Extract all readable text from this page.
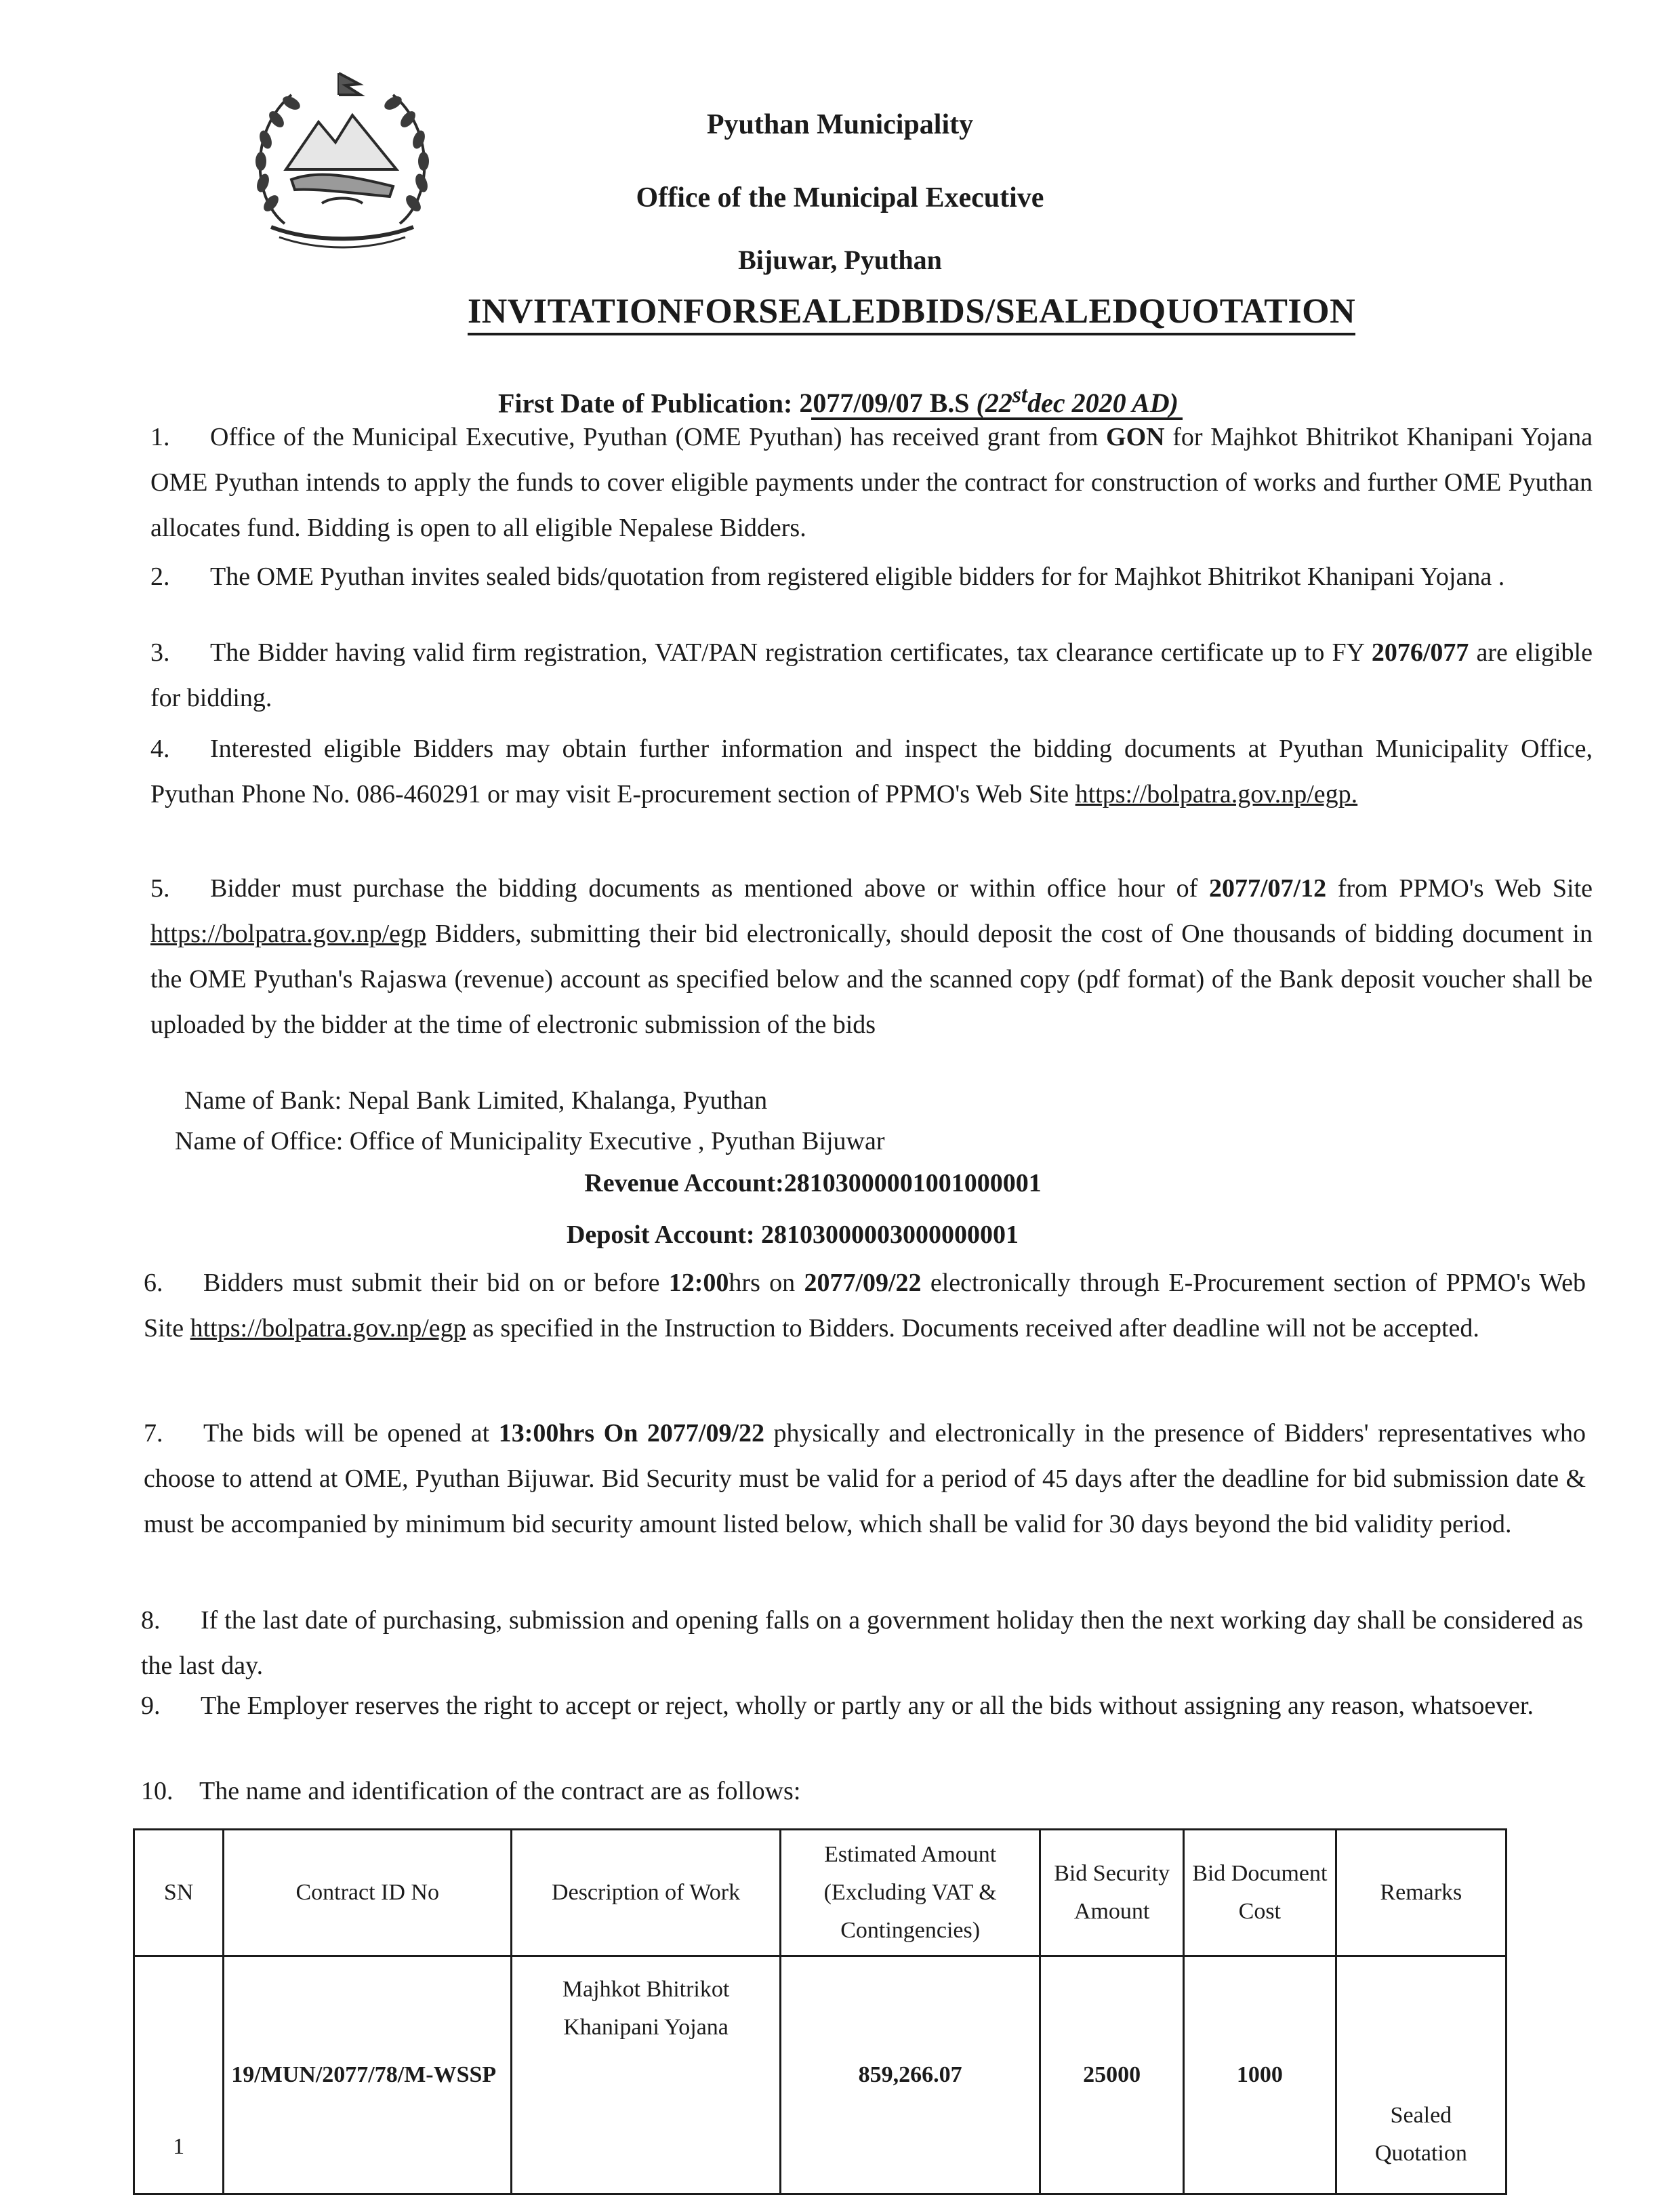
Pyuthan Municipality
Office of the Municipal Executive
Bijuwar, Pyuthan
INVITATIONFORSEALEDBIDS/SEALEDQUOTATION
First Date of Publication: 2077/09/07 B.S (22stdec 2020 AD)
1. Office of the Municipal Executive, Pyuthan (OME Pyuthan) has received grant from GON for Majhkot Bhitrikot Khanipani Yojana OME Pyuthan intends to apply the funds to cover eligible payments under the contract for construction of works and further OME Pyuthan allocates fund. Bidding is open to all eligible Nepalese Bidders.
2. The OME Pyuthan invites sealed bids/quotation from registered eligible bidders for for Majhkot Bhitrikot Khanipani Yojana .
3. The Bidder having valid firm registration, VAT/PAN registration certificates, tax clearance certificate up to FY 2076/077 are eligible for bidding.
4. Interested eligible Bidders may obtain further information and inspect the bidding documents at Pyuthan Municipality Office, Pyuthan Phone No. 086-460291 or may visit E-procurement section of PPMO's Web Site https://bolpatra.gov.np/egp.
5. Bidder must purchase the bidding documents as mentioned above or within office hour of 2077/07/12 from PPMO's Web Site https://bolpatra.gov.np/egp Bidders, submitting their bid electronically, should deposit the cost of One thousands of bidding document in the OME Pyuthan's Rajaswa (revenue) account as specified below and the scanned copy (pdf format) of the Bank deposit voucher shall be uploaded by the bidder at the time of electronic submission of the bids
Name of Bank: Nepal Bank Limited, Khalanga, Pyuthan
Name of Office: Office of Municipality Executive , Pyuthan Bijuwar
Revenue Account:28103000001001000001
Deposit Account: 28103000003000000001
6. Bidders must submit their bid on or before 12:00hrs on 2077/09/22 electronically through E-Procurement section of PPMO's Web Site https://bolpatra.gov.np/egp as specified in the Instruction to Bidders. Documents received after deadline will not be accepted.
7. The bids will be opened at 13:00hrs On 2077/09/22 physically and electronically in the presence of Bidders' representatives who choose to attend at OME, Pyuthan Bijuwar. Bid Security must be valid for a period of 45 days after the deadline for bid submission date & must be accompanied by minimum bid security amount listed below, which shall be valid for 30 days beyond the bid validity period.
8. If the last date of purchasing, submission and opening falls on a government holiday then the next working day shall be considered as the last day.
9. The Employer reserves the right to accept or reject, wholly or partly any or all the bids without assigning any reason, whatsoever.
10. The name and identification of the contract are as follows:
SN	Contract ID No	Description of Work	Estimated Amount (Excluding VAT & Contingencies)	Bid Security Amount	Bid Document Cost	Remarks
1	19/MUN/2077/78/M-WSSP	Majhkot Bhitrikot Khanipani Yojana	859,266.07	25000	1000	Sealed Quotation
